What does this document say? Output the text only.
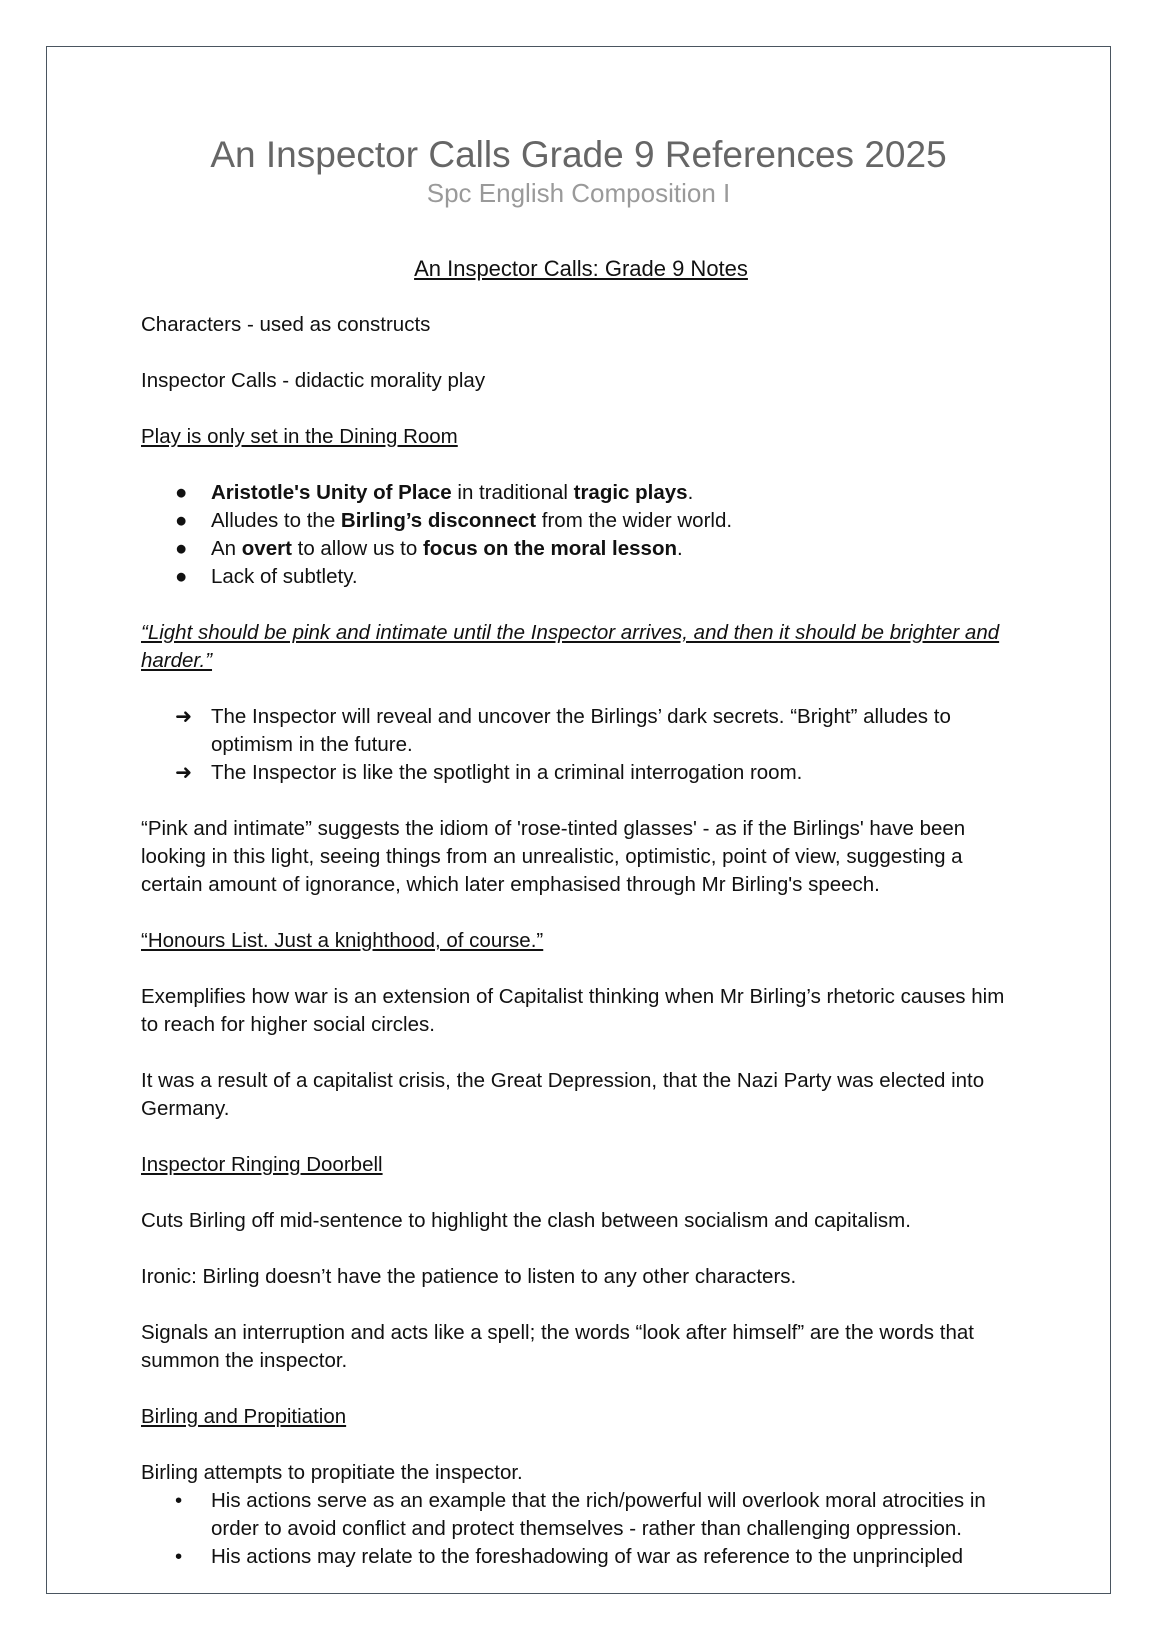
An Inspector Calls Grade 9 References 2025
Spc English Composition I
An Inspector Calls: Grade 9 Notes

Characters - used as constructs

Inspector Calls - didactic morality play

Play is only set in the Dining Room

● Aristotle's Unity of Place in traditional tragic plays.
● Alludes to the Birling’s disconnect from the wider world.
● An overt to allow us to focus on the moral lesson.
● Lack of subtlety.

“Light should be pink and intimate until the Inspector arrives, and then it should be brighter and harder.”

➜ The Inspector will reveal and uncover the Birlings’ dark secrets. “Bright” alludes to optimism in the future.
➜ The Inspector is like the spotlight in a criminal interrogation room.

“Pink and intimate” suggests the idiom of 'rose-tinted glasses' - as if the Birlings' have been looking in this light, seeing things from an unrealistic, optimistic, point of view, suggesting a certain amount of ignorance, which later emphasised through Mr Birling's speech.

“Honours List. Just a knighthood, of course.”

Exemplifies how war is an extension of Capitalist thinking when Mr Birling’s rhetoric causes him to reach for higher social circles.

It was a result of a capitalist crisis, the Great Depression, that the Nazi Party was elected into Germany.

Inspector Ringing Doorbell

Cuts Birling off mid-sentence to highlight the clash between socialism and capitalism.

Ironic: Birling doesn’t have the patience to listen to any other characters.

Signals an interruption and acts like a spell; the words “look after himself” are the words that summon the inspector.

Birling and Propitiation

Birling attempts to propitiate the inspector.

• His actions serve as an example that the rich/powerful will overlook moral atrocities in order to avoid conflict and protect themselves - rather than challenging oppression.
• His actions may relate to the foreshadowing of war as reference to the unprincipled
